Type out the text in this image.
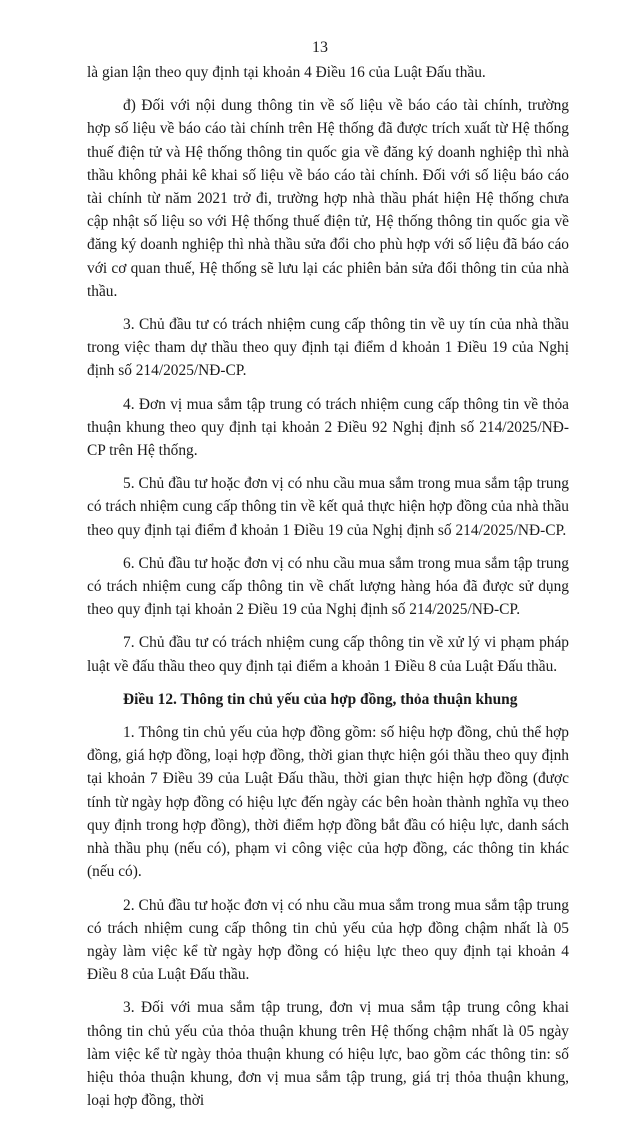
13

là gian lận theo quy định tại khoản 4 Điều 16 của Luật Đấu thầu.

đ) Đối với nội dung thông tin về số liệu về báo cáo tài chính, trường hợp số liệu về báo cáo tài chính trên Hệ thống đã được trích xuất từ Hệ thống thuế điện tử và Hệ thống thông tin quốc gia về đăng ký doanh nghiệp thì nhà thầu không phải kê khai số liệu về báo cáo tài chính. Đối với số liệu báo cáo tài chính từ năm 2021 trở đi, trường hợp nhà thầu phát hiện Hệ thống chưa cập nhật số liệu so với Hệ thống thuế điện tử, Hệ thống thông tin quốc gia về đăng ký doanh nghiệp thì nhà thầu sửa đổi cho phù hợp với số liệu đã báo cáo với cơ quan thuế, Hệ thống sẽ lưu lại các phiên bản sửa đổi thông tin của nhà thầu.

3. Chủ đầu tư có trách nhiệm cung cấp thông tin về uy tín của nhà thầu trong việc tham dự thầu theo quy định tại điểm d khoản 1 Điều 19 của Nghị định số 214/2025/NĐ-CP.

4. Đơn vị mua sắm tập trung có trách nhiệm cung cấp thông tin về thỏa thuận khung theo quy định tại khoản 2 Điều 92 Nghị định số 214/2025/NĐ-CP trên Hệ thống.

5. Chủ đầu tư hoặc đơn vị có nhu cầu mua sắm trong mua sắm tập trung có trách nhiệm cung cấp thông tin về kết quả thực hiện hợp đồng của nhà thầu theo quy định tại điểm đ khoản 1 Điều 19 của Nghị định số 214/2025/NĐ-CP.

6. Chủ đầu tư hoặc đơn vị có nhu cầu mua sắm trong mua sắm tập trung có trách nhiệm cung cấp thông tin về chất lượng hàng hóa đã được sử dụng theo quy định tại khoản 2 Điều 19 của Nghị định số 214/2025/NĐ-CP.

7. Chủ đầu tư có trách nhiệm cung cấp thông tin về xử lý vi phạm pháp luật về đấu thầu theo quy định tại điểm a khoản 1 Điều 8 của Luật Đấu thầu.

Điều 12. Thông tin chủ yếu của hợp đồng, thỏa thuận khung

1. Thông tin chủ yếu của hợp đồng gồm: số hiệu hợp đồng, chủ thể hợp đồng, giá hợp đồng, loại hợp đồng, thời gian thực hiện gói thầu theo quy định tại khoản 7 Điều 39 của Luật Đấu thầu, thời gian thực hiện hợp đồng (được tính từ ngày hợp đồng có hiệu lực đến ngày các bên hoàn thành nghĩa vụ theo quy định trong hợp đồng), thời điểm hợp đồng bắt đầu có hiệu lực, danh sách nhà thầu phụ (nếu có), phạm vi công việc của hợp đồng, các thông tin khác (nếu có).

2. Chủ đầu tư hoặc đơn vị có nhu cầu mua sắm trong mua sắm tập trung có trách nhiệm cung cấp thông tin chủ yếu của hợp đồng chậm nhất là 05 ngày làm việc kể từ ngày hợp đồng có hiệu lực theo quy định tại khoản 4 Điều 8 của Luật Đấu thầu.

3. Đối với mua sắm tập trung, đơn vị mua sắm tập trung công khai thông tin chủ yếu của thỏa thuận khung trên Hệ thống chậm nhất là 05 ngày làm việc kể từ ngày thỏa thuận khung có hiệu lực, bao gồm các thông tin: số hiệu thỏa thuận khung, đơn vị mua sắm tập trung, giá trị thỏa thuận khung, loại hợp đồng, thời
